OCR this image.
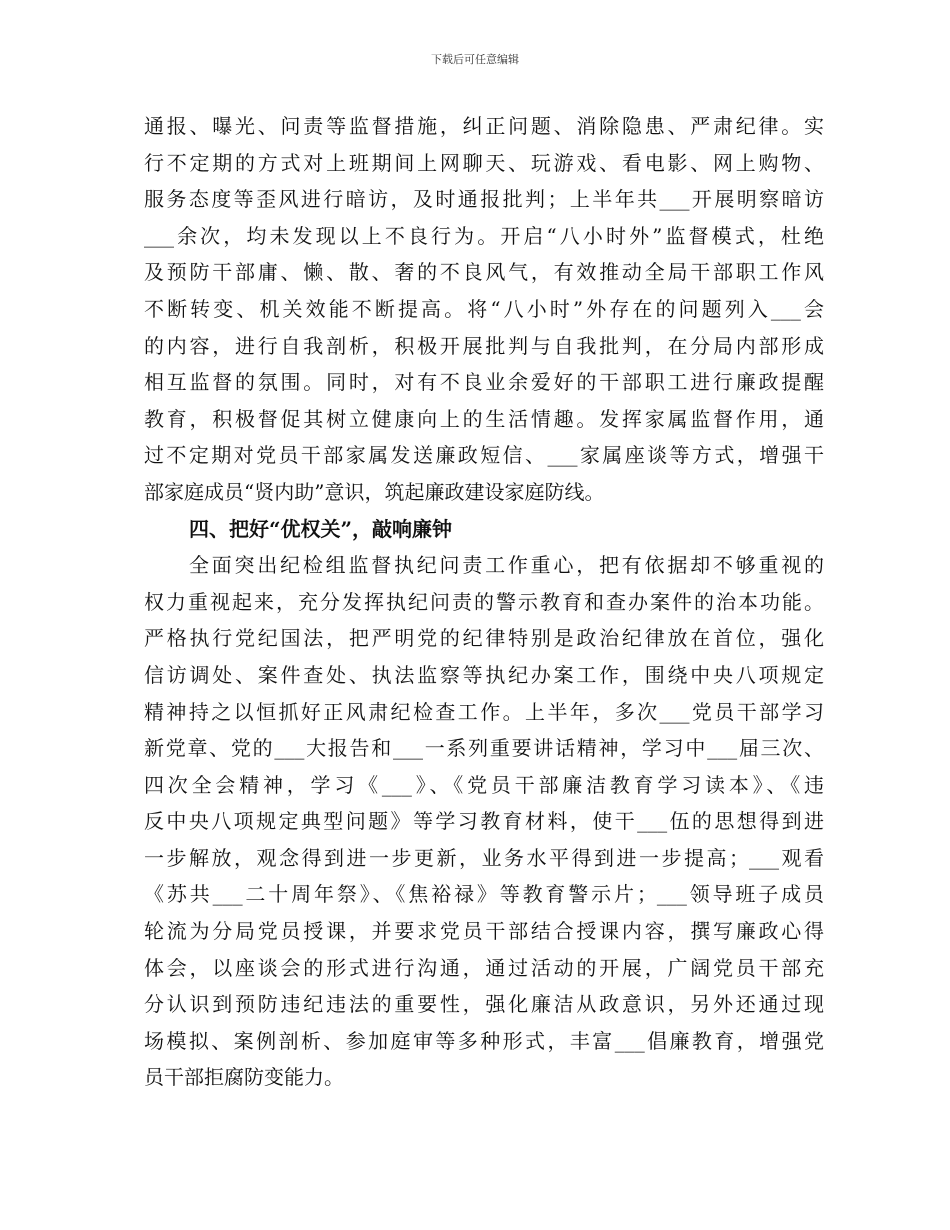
下载后可任意编辑
通报、曝光、问责等监督措施，纠正问题、消除隐患、严肃纪律。实
行不定期的方式对上班期间上网聊天、玩游戏、看电影、网上购物、
服务态度等歪风进行暗访，及时通报批判；上半年共___开展明察暗访
___余次，均未发现以上不良行为。开启“八小时外”监督模式，杜绝
及预防干部庸、懒、散、奢的不良风气，有效推动全局干部职工作风
不断转变、机关效能不断提高。将“八小时”外存在的问题列入___会
的内容，进行自我剖析，积极开展批判与自我批判，在分局内部形成
相互监督的氛围。同时，对有不良业余爱好的干部职工进行廉政提醒
教育，积极督促其树立健康向上的生活情趣。发挥家属监督作用，通
过不定期对党员干部家属发送廉政短信、___家属座谈等方式，增强干
部家庭成员“贤内助”意识，筑起廉政建设家庭防线。
四、把好“优权关”，敲响廉钟
全面突出纪检组监督执纪问责工作重心，把有依据却不够重视的
权力重视起来，充分发挥执纪问责的警示教育和查办案件的治本功能。
严格执行党纪国法，把严明党的纪律特别是政治纪律放在首位，强化
信访调处、案件查处、执法监察等执纪办案工作，围绕中央八项规定
精神持之以恒抓好正风肃纪检查工作。上半年，多次___党员干部学习
新党章、党的___大报告和___一系列重要讲话精神，学习中___届三次、
四次全会精神，学习《___》、《党员干部廉洁教育学习读本》、《违
反中央八项规定典型问题》等学习教育材料，使干___伍的思想得到进
一步解放，观念得到进一步更新，业务水平得到进一步提高；___观看
《苏共___二十周年祭》、《焦裕禄》等教育警示片；___领导班子成员
轮流为分局党员授课，并要求党员干部结合授课内容，撰写廉政心得
体会，以座谈会的形式进行沟通，通过活动的开展，广阔党员干部充
分认识到预防违纪违法的重要性，强化廉洁从政意识，另外还通过现
场模拟、案例剖析、参加庭审等多种形式，丰富___倡廉教育，增强党
员干部拒腐防变能力。
